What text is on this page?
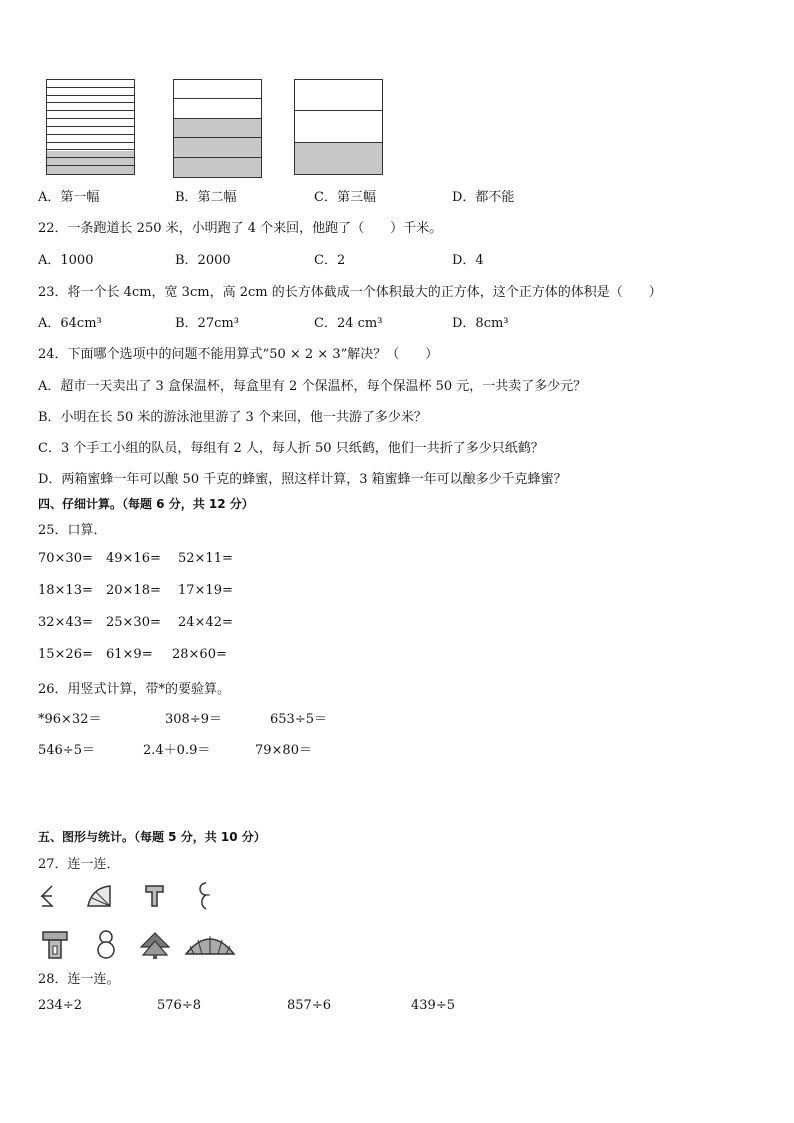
A．第一幅	B．第二幅	C．第三幅	D．都不能
22．一条跑道长 250 米，小明跑了 4 个来回，他跑了（　　）千米。
A．1000	B．2000	C．2	D．4
23．将一个长 4cm，宽 3cm，高 2cm 的长方体截成一个体积最大的正方体，这个正方体的体积是（　　）
A．64cm³	B．27cm³	C．24 cm³	D．8cm³
24．下面哪个选项中的问题不能用算式“50 × 2 × 3”解决？（　　）
A．超市一天卖出了 3 盒保温杯，每盒里有 2 个保温杯，每个保温杯 50 元，一共卖了多少元？
B．小明在长 50 米的游泳池里游了 3 个来回，他一共游了多少米？
C．3 个手工小组的队员，每组有 2 人，每人折 50 只纸鹤，他们一共折了多少只纸鹤？
D．两箱蜜蜂一年可以酿 50 千克的蜂蜜，照这样计算，3 箱蜜蜂一年可以酿多少千克蜂蜜？
四、仔细计算。（每题 6 分，共 12 分）
25．口算．
70×30= 49×16= 52×11=
18×13= 20×18= 17×19=
32×43= 25×30= 24×42=
15×26= 61×9= 28×60=
26．用竖式计算，带*的要验算。
*96×32＝	308÷9＝	653÷5＝
546÷5＝	2.4＋0.9＝	79×80＝
五、图形与统计。（每题 5 分，共 10 分）
27．连一连．
28．连一连。
234÷2	576÷8	857÷6	439÷5
